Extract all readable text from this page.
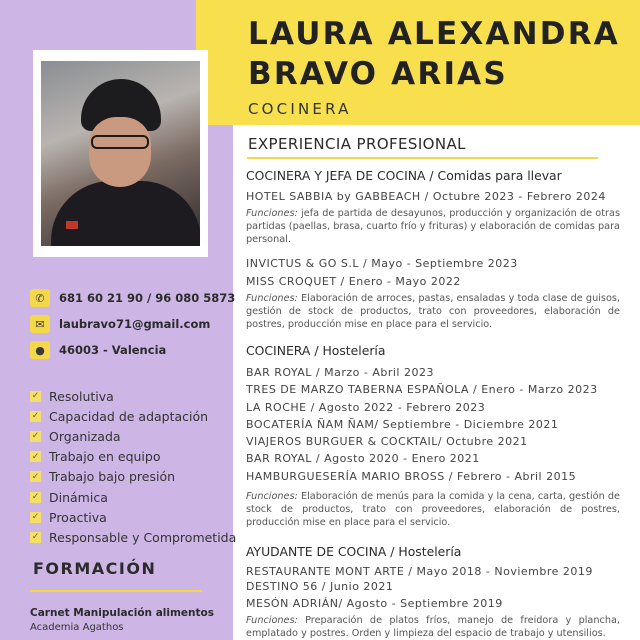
LAURA ALEXANDRA
BRAVO ARIAS
COCINERA
✆	681 60 21 90 / 96 080 5873
✉	laubravo71@gmail.com
●	46003 - Valencia
✓ Resolutiva
✓ Capacidad de adaptación
✓ Organizada
✓ Trabajo en equipo
✓ Trabajo bajo presión
✓ Dinámica
✓ Proactiva
✓ Responsable y Comprometida
FORMACIÓN
Carnet Manipulación alimentos
Academia Agathos
EXPERIENCIA PROFESIONAL
COCINERA Y JEFA DE COCINA / Comidas para llevar
HOTEL SABBIA by GABBEACH / Octubre 2023 - Febrero 2024
Funciones: jefa de partida de desayunos, producción y organización de otras partidas (paellas, brasa, cuarto frío y frituras) y elaboración de comidas para personal.
INVICTUS & GO S.L / Mayo - Septiembre 2023
MISS CROQUET / Enero - Mayo 2022
Funciones: Elaboración de arroces, pastas, ensaladas y toda clase de guisos, gestión de stock de productos, trato con proveedores, elaboración de postres, producción mise en place para el servicio.
COCINERA / Hostelería
BAR ROYAL / Marzo - Abril 2023
TRES DE MARZO TABERNA ESPAÑOLA / Enero - Marzo 2023
LA ROCHE / Agosto 2022 - Febrero 2023
BOCATERÍA ÑAM ÑAM/ Septiembre - Diciembre 2021
VIAJEROS BURGUER & COCKTAIL/ Octubre 2021
BAR ROYAL / Agosto 2020 - Enero 2021
HAMBURGUESERÍA MARIO BROSS / Febrero - Abril 2015
Funciones: Elaboración de menús para la comida y la cena, carta, gestión de stock de productos, trato con proveedores, elaboración de postres, producción mise en place para el servicio.
AYUDANTE DE COCINA / Hostelería
RESTAURANTE MONT ARTE / Mayo 2018 - Noviembre 2019
DESTINO 56 / Junio 2021
MESÓN ADRIÁN/ Agosto - Septiembre 2019
Funciones: Preparación de platos fríos, manejo de freidora y plancha, emplatado y postres. Orden y limpieza del espacio de trabajo y utensilios.
